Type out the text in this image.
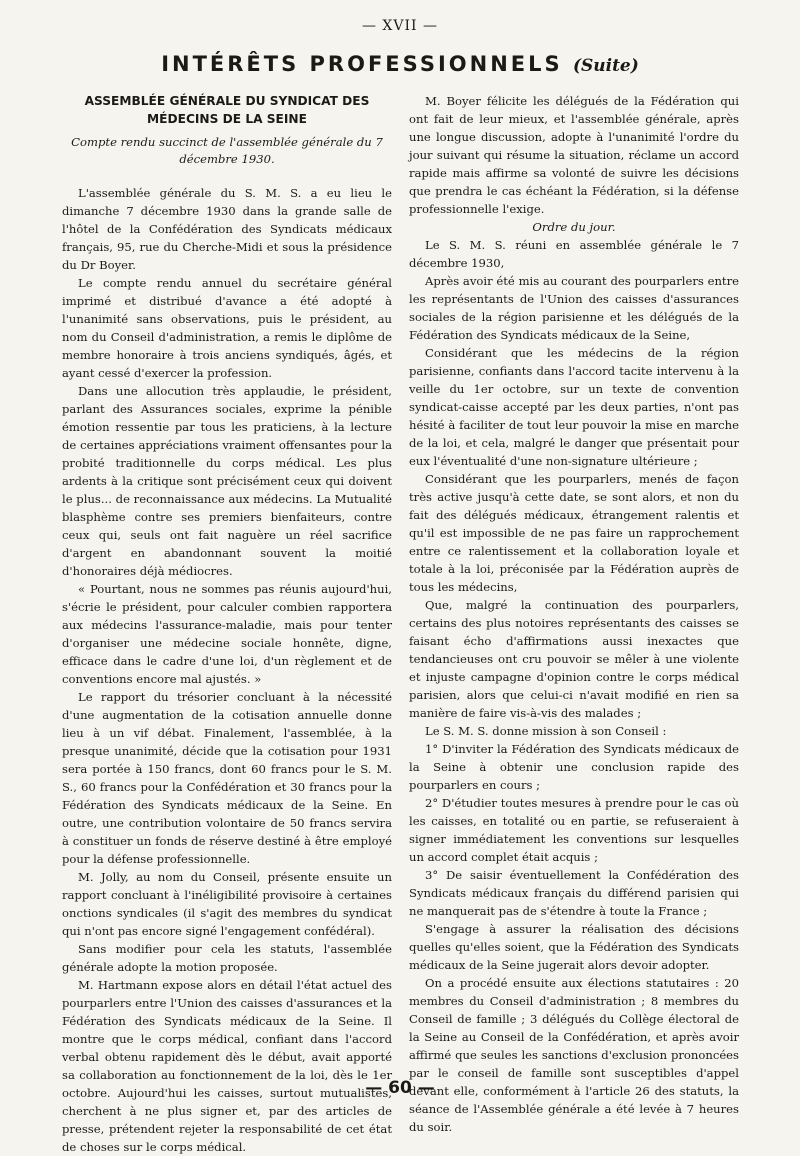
— XVII —
INTÉRÊTS PROFESSIONNELS (Suite)
ASSEMBLÉE GÉNÉRALE DU SYNDICAT DES MÉDECINS DE LA SEINE
Compte rendu succinct de l'assemblée générale du 7 décembre 1930.

L'assemblée générale du S. M. S. a eu lieu le dimanche 7 décembre 1930 dans la grande salle de l'hôtel de la Confédération des Syndicats médicaux français, 95, rue du Cherche-Midi et sous la présidence du Dr Boyer.

Le compte rendu annuel du secrétaire général imprimé et distribué d'avance a été adopté à l'unanimité sans observations, puis le président, au nom du Conseil d'administration, a remis le diplôme de membre honoraire à trois anciens syndiqués, âgés, et ayant cessé d'exercer la profession.

Dans une allocution très applaudie, le président, parlant des Assurances sociales, exprime la pénible émotion ressentie par tous les praticiens, à la lecture de certaines appréciations vraiment offensantes pour la probité traditionnelle du corps médical. Les plus ardents à la critique sont précisément ceux qui doivent le plus... de reconnaissance aux médecins. La Mutualité blasphème contre ses premiers bienfaiteurs, contre ceux qui, seuls ont fait naguère un réel sacrifice d'argent en abandonnant souvent la moitié d'honoraires déjà médiocres.

« Pourtant, nous ne sommes pas réunis aujourd'hui, s'écrie le président, pour calculer combien rapportera aux médecins l'assurance-maladie, mais pour tenter d'organiser une médecine sociale honnête, digne, efficace dans le cadre d'une loi, d'un règlement et de conventions encore mal ajustés. »

Le rapport du trésorier concluant à la nécessité d'une augmentation de la cotisation annuelle donne lieu à un vif débat. Finalement, l'assemblée, à la presque unanimité, décide que la cotisation pour 1931 sera portée à 150 francs, dont 60 francs pour le S. M. S., 60 francs pour la Confédération et 30 francs pour la Fédération des Syndicats médicaux de la Seine. En outre, une contribution volontaire de 50 francs servira à constituer un fonds de réserve destiné à être employé pour la défense professionnelle.

M. Jolly, au nom du Conseil, présente ensuite un rapport concluant à l'inéligibilité provisoire à certaines onctions syndicales (il s'agit des membres du syndicat qui n'ont pas encore signé l'engagement confédéral).

Sans modifier pour cela les statuts, l'assemblée générale adopte la motion proposée.

M. Hartmann expose alors en détail l'état actuel des pourparlers entre l'Union des caisses d'assurances et la Fédération des Syndicats médicaux de la Seine. Il montre que le corps médical, confiant dans l'accord verbal obtenu rapidement dès le début, avait apporté sa collaboration au fonctionnement de la loi, dès le 1er octobre. Aujourd'hui les caisses, surtout mutualistes, cherchent à ne plus signer et, par des articles de presse, prétendent rejeter la responsabilité de cet état de choses sur le corps médical.

M. Boyer félicite les délégués de la Fédération qui ont fait de leur mieux, et l'assemblée générale, après une longue discussion, adopte à l'unanimité l'ordre du jour suivant qui résume la situation, réclame un accord rapide mais affirme sa volonté de suivre les décisions que prendra le cas échéant la Fédération, si la défense professionnelle l'exige.

Ordre du jour.

Le S. M. S. réuni en assemblée générale le 7 décembre 1930,

Après avoir été mis au courant des pourparlers entre les représentants de l'Union des caisses d'assurances sociales de la région parisienne et les délégués de la Fédération des Syndicats médicaux de la Seine,

Considérant que les médecins de la région parisienne, confiants dans l'accord tacite intervenu à la veille du 1er octobre, sur un texte de convention syndicat-caisse accepté par les deux parties, n'ont pas hésité à faciliter de tout leur pouvoir la mise en marche de la loi, et cela, malgré le danger que présentait pour eux l'éventualité d'une non-signature ultérieure ;

Considérant que les pourparlers, menés de façon très active jusqu'à cette date, se sont alors, et non du fait des délégués médicaux, étrangement ralentis et qu'il est impossible de ne pas faire un rapprochement entre ce ralentissement et la collaboration loyale et totale à la loi, préconisée par la Fédération auprès de tous les médecins,

Que, malgré la continuation des pourparlers, certains des plus notoires représentants des caisses se faisant écho d'affirmations aussi inexactes que tendancieuses ont cru pouvoir se mêler à une violente et injuste campagne d'opinion contre le corps médical parisien, alors que celui-ci n'avait modifié en rien sa manière de faire vis-à-vis des malades ;

Le S. M. S. donne mission à son Conseil :

1° D'inviter la Fédération des Syndicats médicaux de la Seine à obtenir une conclusion rapide des pourparlers en cours ;

2° D'étudier toutes mesures à prendre pour le cas où les caisses, en totalité ou en partie, se refuseraient à signer immédiatement les conventions sur lesquelles un accord complet était acquis ;

3° De saisir éventuellement la Confédération des Syndicats médicaux français du différend parisien qui ne manquerait pas de s'étendre à toute la France ;

S'engage à assurer la réalisation des décisions quelles qu'elles soient, que la Fédération des Syndicats médicaux de la Seine jugerait alors devoir adopter.

On a procédé ensuite aux élections statutaires : 20 membres du Conseil d'administration ; 8 membres du Conseil de famille ; 3 délégués du Collège électoral de la Seine au Conseil de la Confédération, et après avoir affirmé que seules les sanctions d'exclusion prononcées par le conseil de famille sont susceptibles d'appel devant elle, conformément à l'article 26 des statuts, la séance de l'Assemblée générale a été levée à 7 heures du soir.

— 60 —
